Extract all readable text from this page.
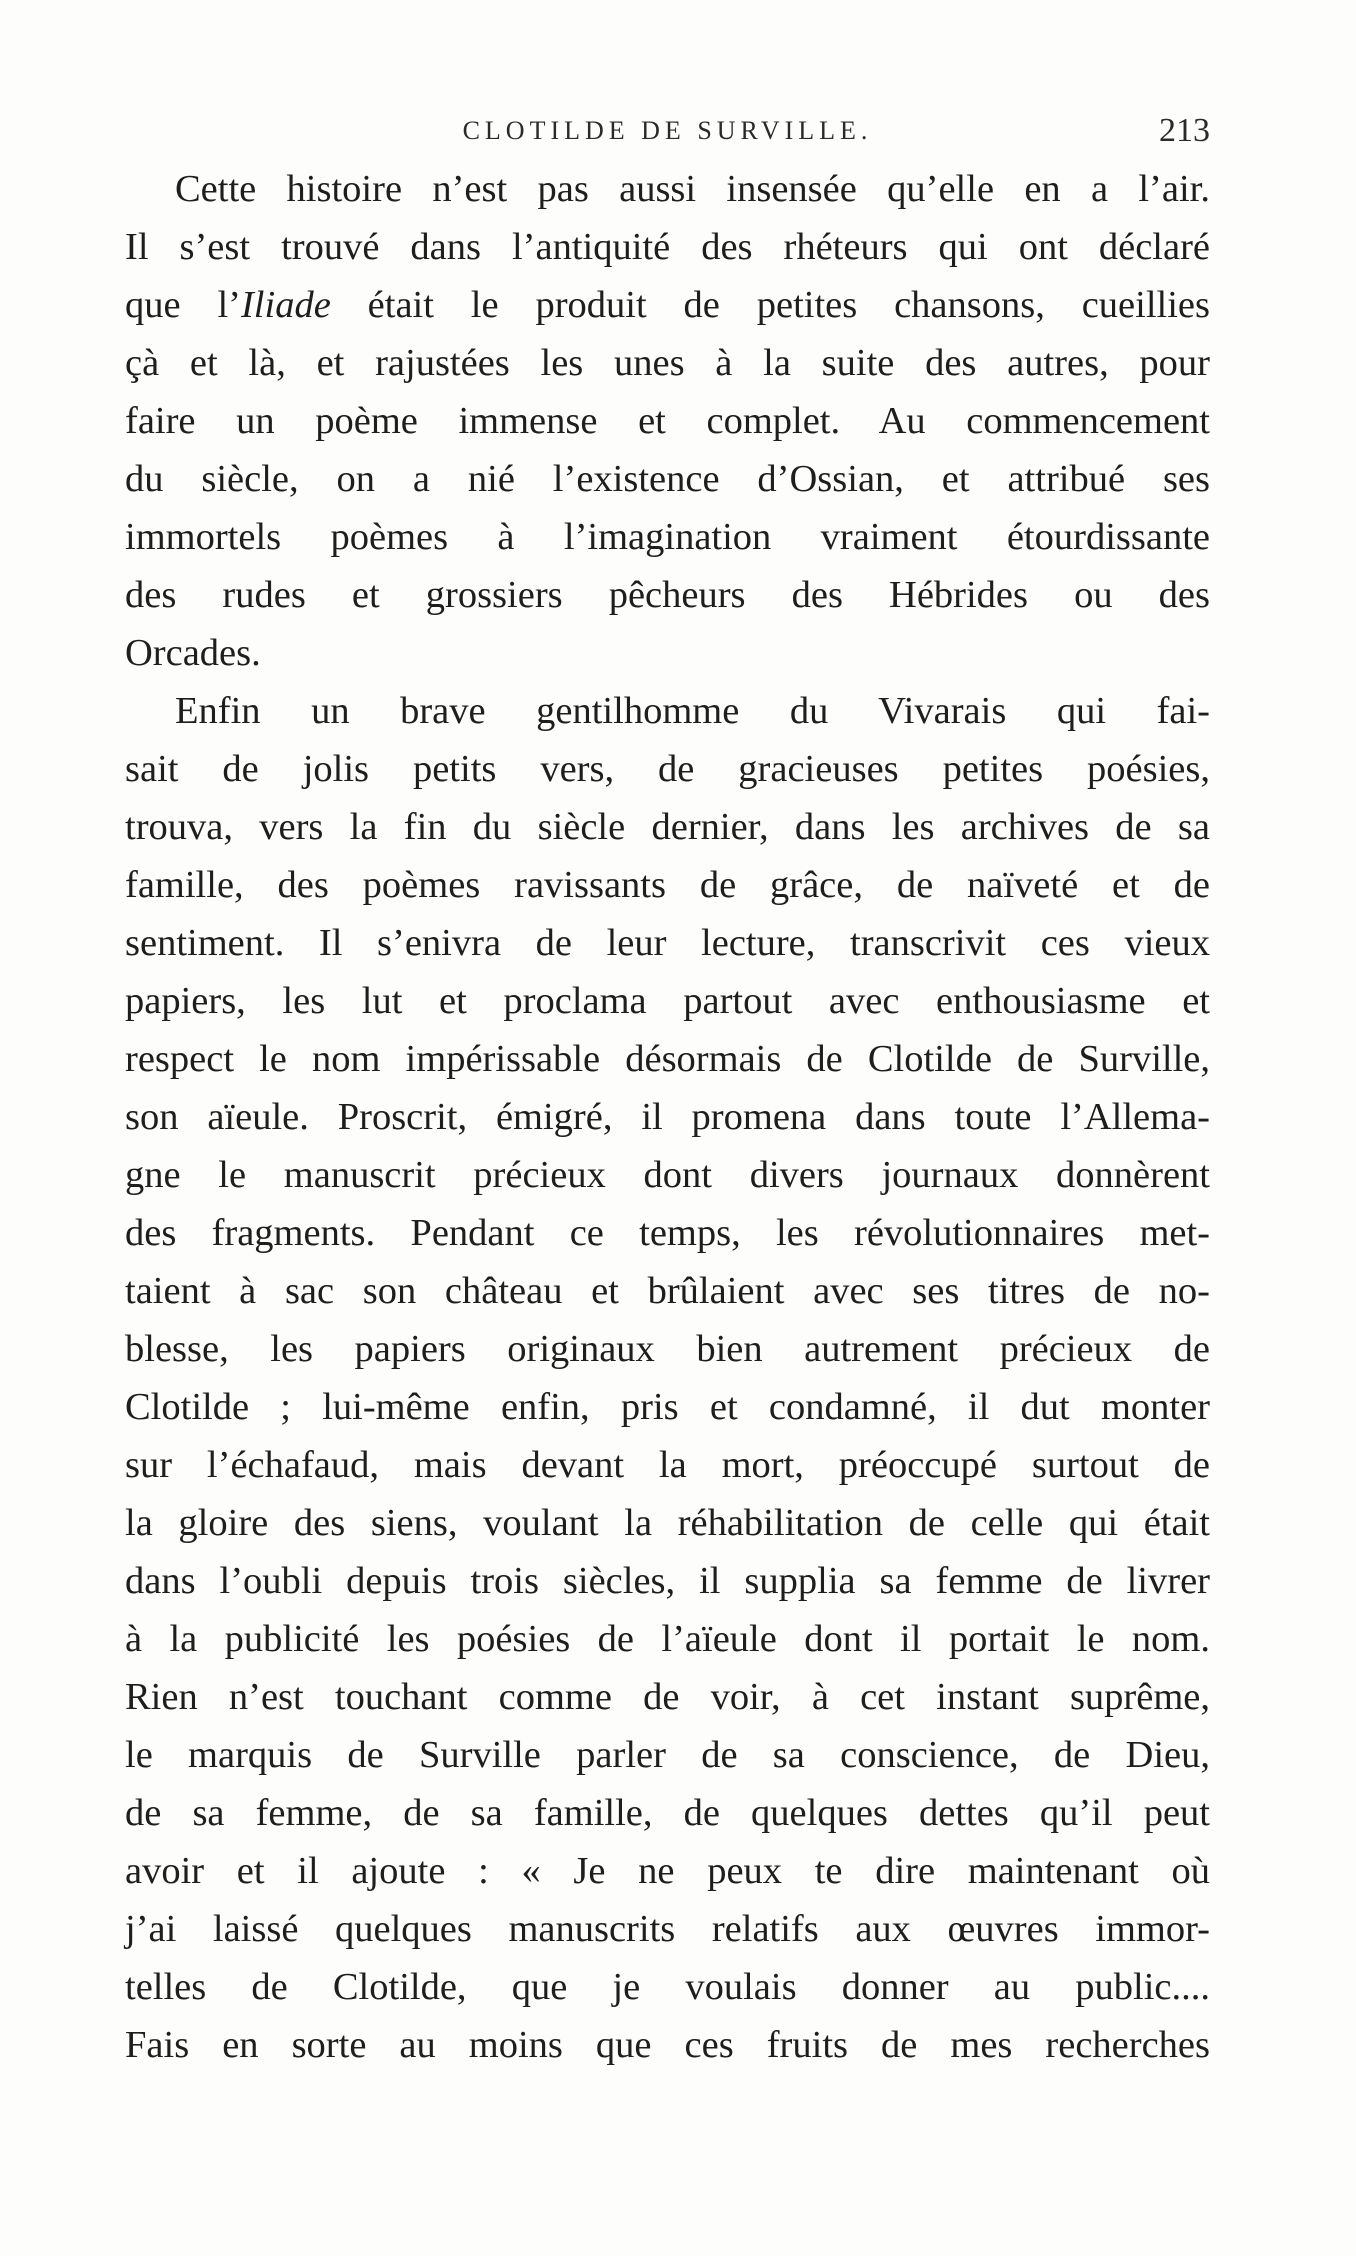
CLOTILDE DE SURVILLE.	213
Cette histoire n’est pas aussi insensée qu’elle en a l’air.
Il s’est trouvé dans l’antiquité des rhéteurs qui ont déclaré
que l’Iliade était le produit de petites chansons, cueillies
çà et là, et rajustées les unes à la suite des autres, pour
faire un poème immense et complet. Au commencement
du siècle, on a nié l’existence d’Ossian, et attribué ses
immortels poèmes à l’imagination vraiment étourdissante
des rudes et grossiers pêcheurs des Hébrides ou des
Orcades.
Enfin un brave gentilhomme du Vivarais qui fai-
sait de jolis petits vers, de gracieuses petites poésies,
trouva, vers la fin du siècle dernier, dans les archives de sa
famille, des poèmes ravissants de grâce, de naïveté et de
sentiment. Il s’enivra de leur lecture, transcrivit ces vieux
papiers, les lut et proclama partout avec enthousiasme et
respect le nom impérissable désormais de Clotilde de Surville,
son aïeule. Proscrit, émigré, il promena dans toute l’Allema-
gne le manuscrit précieux dont divers journaux donnèrent
des fragments. Pendant ce temps, les révolutionnaires met-
taient à sac son château et brûlaient avec ses titres de no-
blesse, les papiers originaux bien autrement précieux de
Clotilde ; lui-même enfin, pris et condamné, il dut monter
sur l’échafaud, mais devant la mort, préoccupé surtout de
la gloire des siens, voulant la réhabilitation de celle qui était
dans l’oubli depuis trois siècles, il supplia sa femme de livrer
à la publicité les poésies de l’aïeule dont il portait le nom.
Rien n’est touchant comme de voir, à cet instant suprême,
le marquis de Surville parler de sa conscience, de Dieu,
de sa femme, de sa famille, de quelques dettes qu’il peut
avoir et il ajoute : « Je ne peux te dire maintenant où
j’ai laissé quelques manuscrits relatifs aux œuvres immor-
telles de Clotilde, que je voulais donner au public....
Fais en sorte au moins que ces fruits de mes recherches
